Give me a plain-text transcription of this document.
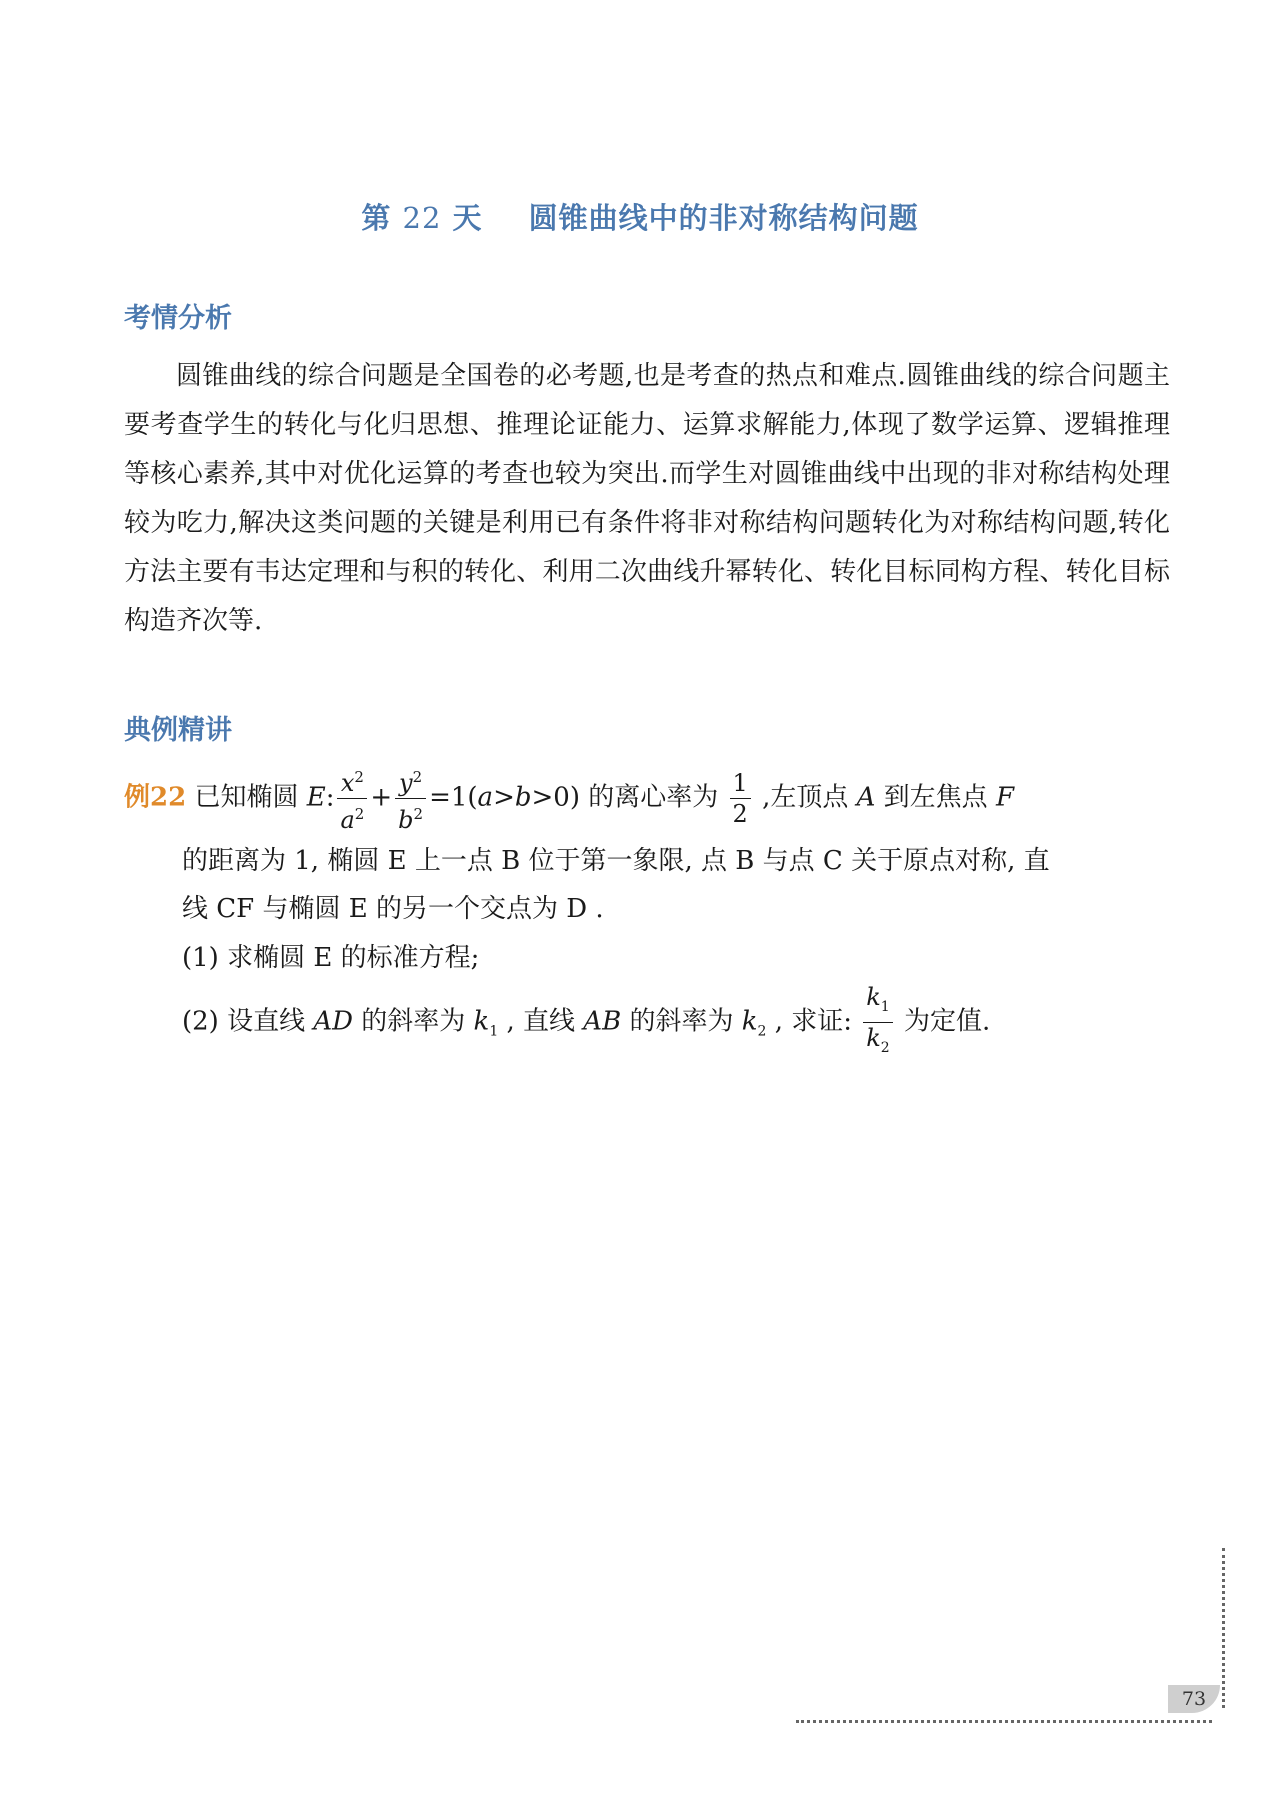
第 22 天 圆锥曲线中的非对称结构问题
考情分析

圆锥曲线的综合问题是全国卷的必考题,也是考查的热点和难点.圆锥曲线的综合问题主要考查学生的转化与化归思想、推理论证能力、运算求解能力,体现了数学运算、逻辑推理等核心素养,其中对优化运算的考查也较为突出.而学生对圆锥曲线中出现的非对称结构处理较为吃力,解决这类问题的关键是利用已有条件将非对称结构问题转化为对称结构问题,转化方法主要有韦达定理和与积的转化、利用二次曲线升幂转化、转化目标同构方程、转化目标构造齐次等.

典例精讲
例22 已知椭圆 E: $\frac{x^2}{a^2} + \frac{y^2}{b^2} =1(a>b>0)$ 的离心率为 $\frac{1}{2}$ ,左顶点 A 到左焦点 F
的距离为 1, 椭圆 E 上一点 B 位于第一象限, 点 B 与点 C 关于原点对称, 直
线 CF 与椭圆 E 的另一个交点为 D .
(1) 求椭圆 E 的标准方程;
(2) 设直线 AD 的斜率为 $k_1$ , 直线 AB 的斜率为 $k_2$ , 求证: $\frac{k_1}{k_2}$ 为定值.
73
